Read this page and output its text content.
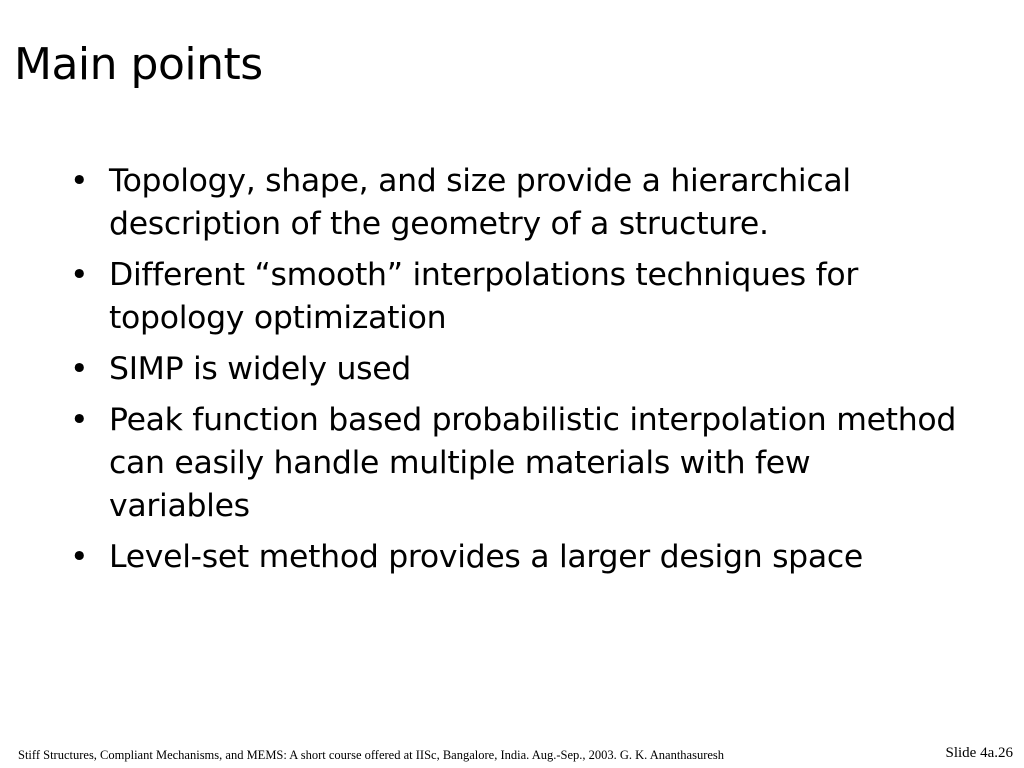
Main points
• Topology, shape, and size provide a hierarchical description of the geometry of a structure.
• Different “smooth” interpolations techniques for topology optimization
• SIMP is widely used
• Peak function based probabilistic interpolation method can easily handle multiple materials with few variables
• Level-set method provides a larger design space
Stiff Structures, Compliant Mechanisms, and MEMS: A short course offered at IISc, Bangalore, India. Aug.-Sep., 2003. G. K. Ananthasuresh	Slide 4a.26
